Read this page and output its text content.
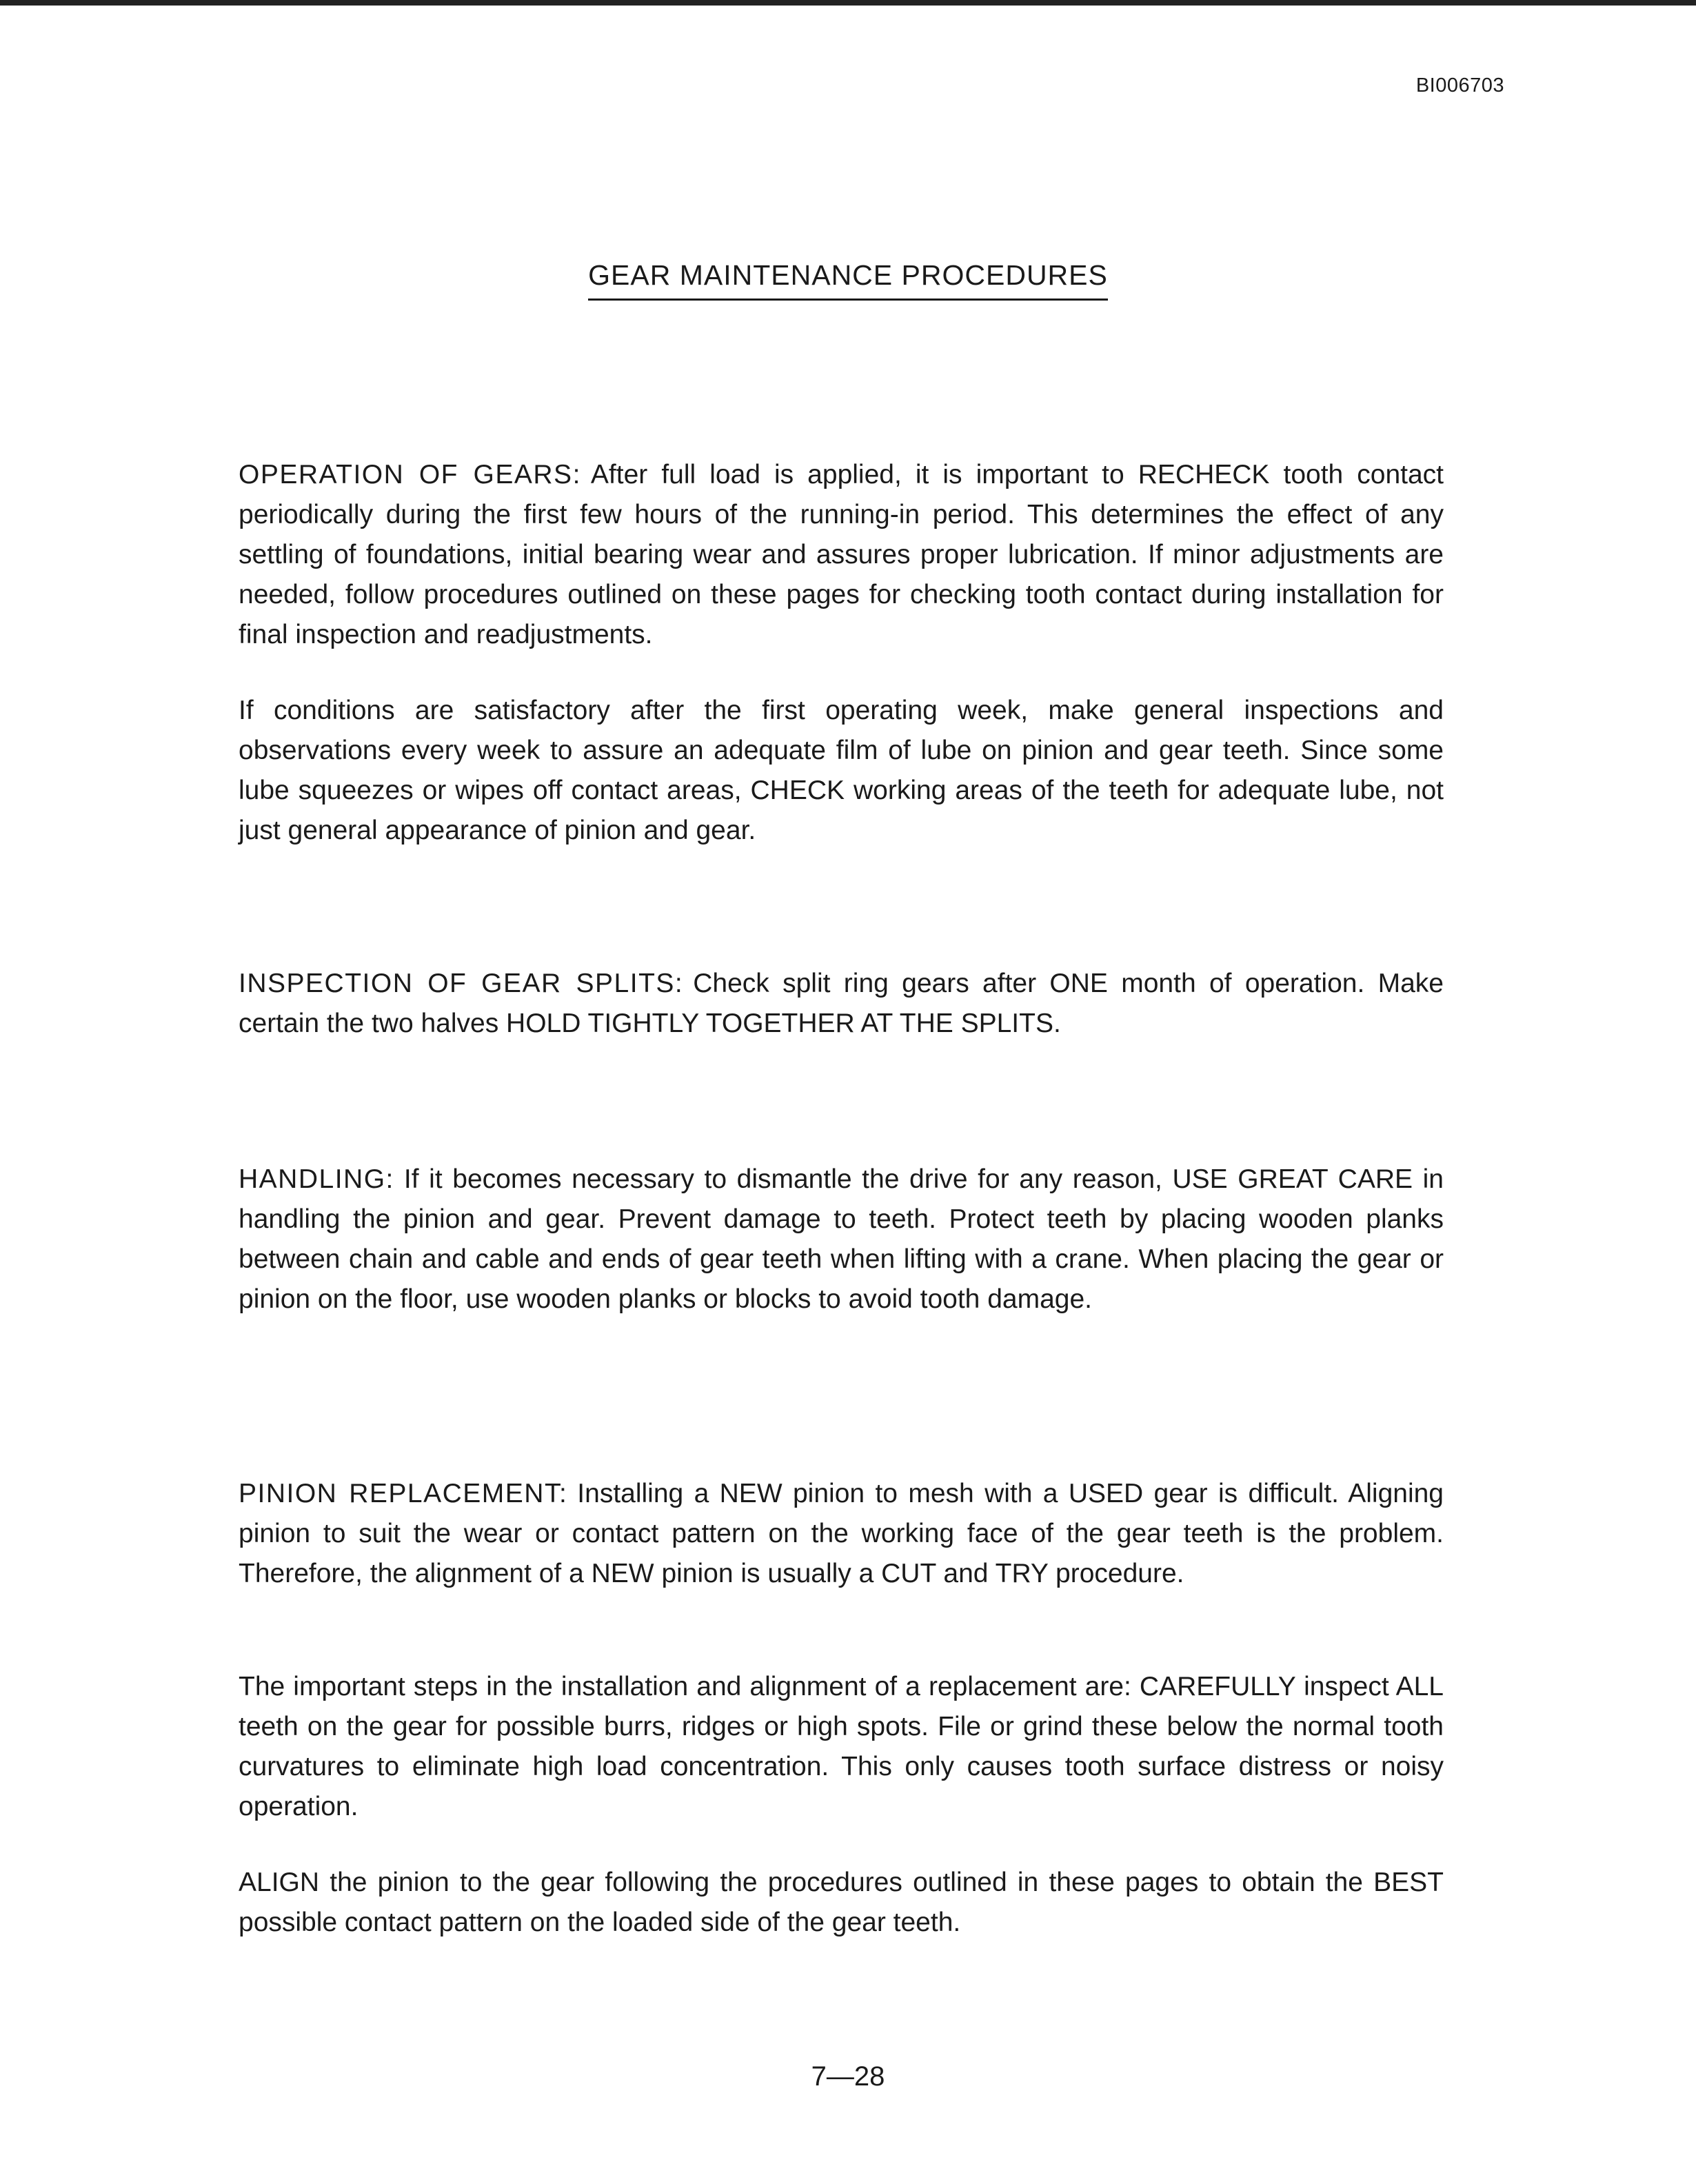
BI006703
GEAR MAINTENANCE PROCEDURES

OPERATION OF GEARS: After full load is applied, it is important to RECHECK tooth contact periodically during the first few hours of the running-in period. This determines the effect of any settling of foundations, initial bearing wear and assures proper lubrication. If minor adjustments are needed, follow procedures outlined on these pages for checking tooth contact during installation for final inspection and readjustments.

If conditions are satisfactory after the first operating week, make general inspections and observations every week to assure an adequate film of lube on pinion and gear teeth. Since some lube squeezes or wipes off contact areas, CHECK working areas of the teeth for adequate lube, not just general appearance of pinion and gear.

INSPECTION OF GEAR SPLITS: Check split ring gears after ONE month of operation. Make certain the two halves HOLD TIGHTLY TOGETHER AT THE SPLITS.

HANDLING: If it becomes necessary to dismantle the drive for any reason, USE GREAT CARE in handling the pinion and gear. Prevent damage to teeth. Protect teeth by placing wooden planks between chain and cable and ends of gear teeth when lifting with a crane. When placing the gear or pinion on the floor, use wooden planks or blocks to avoid tooth damage.

PINION REPLACEMENT: Installing a NEW pinion to mesh with a USED gear is difficult. Aligning pinion to suit the wear or contact pattern on the working face of the gear teeth is the problem. Therefore, the alignment of a NEW pinion is usually a CUT and TRY procedure.

The important steps in the installation and alignment of a replacement are: CAREFULLY inspect ALL teeth on the gear for possible burrs, ridges or high spots. File or grind these below the normal tooth curvatures to eliminate high load concentration. This only causes tooth surface distress or noisy operation.

ALIGN the pinion to the gear following the procedures outlined in these pages to obtain the BEST possible contact pattern on the loaded side of the gear teeth.

7—28
